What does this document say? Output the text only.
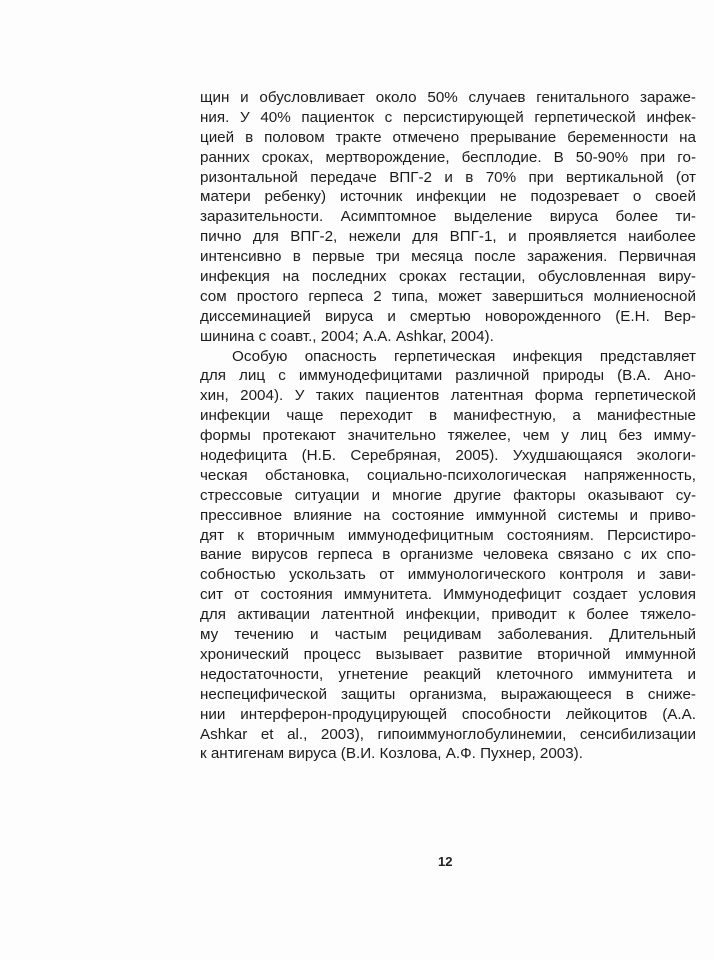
щин и обусловливает около 50% случаев генитального зараже-
ния. У 40% пациенток с персистирующей герпетической инфек-
цией в половом тракте отмечено прерывание беременности на
ранних сроках, мертворождение, бесплодие. В 50-90% при го-
ризонтальной передаче ВПГ-2 и в 70% при вертикальной (от
матери ребенку) источник инфекции не подозревает о своей
заразительности. Асимптомное выделение вируса более ти-
пично для ВПГ-2, нежели для ВПГ-1, и проявляется наиболее
интенсивно в первые три месяца после заражения. Первичная
инфекция на последних сроках гестации, обусловленная виру-
сом простого герпеса 2 типа, может завершиться молниеносной
диссеминацией вируса и смертью новорожденного (Е.Н. Вер-
шинина с соавт., 2004; А.А. Ashkar, 2004).
Особую опасность герпетическая инфекция представляет
для лиц с иммунодефицитами различной природы (В.А. Ано-
хин, 2004). У таких пациентов латентная форма герпетической
инфекции чаще переходит в манифестную, а манифестные
формы протекают значительно тяжелее, чем у лиц без имму-
нодефицита (Н.Б. Серебряная, 2005). Ухудшающаяся экологи-
ческая обстановка, социально-психологическая напряженность,
стрессовые ситуации и многие другие факторы оказывают су-
прессивное влияние на состояние иммунной системы и приво-
дят к вторичным иммунодефицитным состояниям. Персистиро-
вание вирусов герпеса в организме человека связано с их спо-
собностью ускользать от иммунологического контроля и зави-
сит от состояния иммунитета. Иммунодефицит создает условия
для активации латентной инфекции, приводит к более тяжело-
му течению и частым рецидивам заболевания. Длительный
хронический процесс вызывает развитие вторичной иммунной
недостаточности, угнетение реакций клеточного иммунитета и
неспецифической защиты организма, выражающееся в сниже-
нии интерферон-продуцирующей способности лейкоцитов (А.А.
Ashkar et al., 2003), гипоиммуноглобулинемии, сенсибилизации
к антигенам вируса (В.И. Козлова, А.Ф. Пухнер, 2003).
12
